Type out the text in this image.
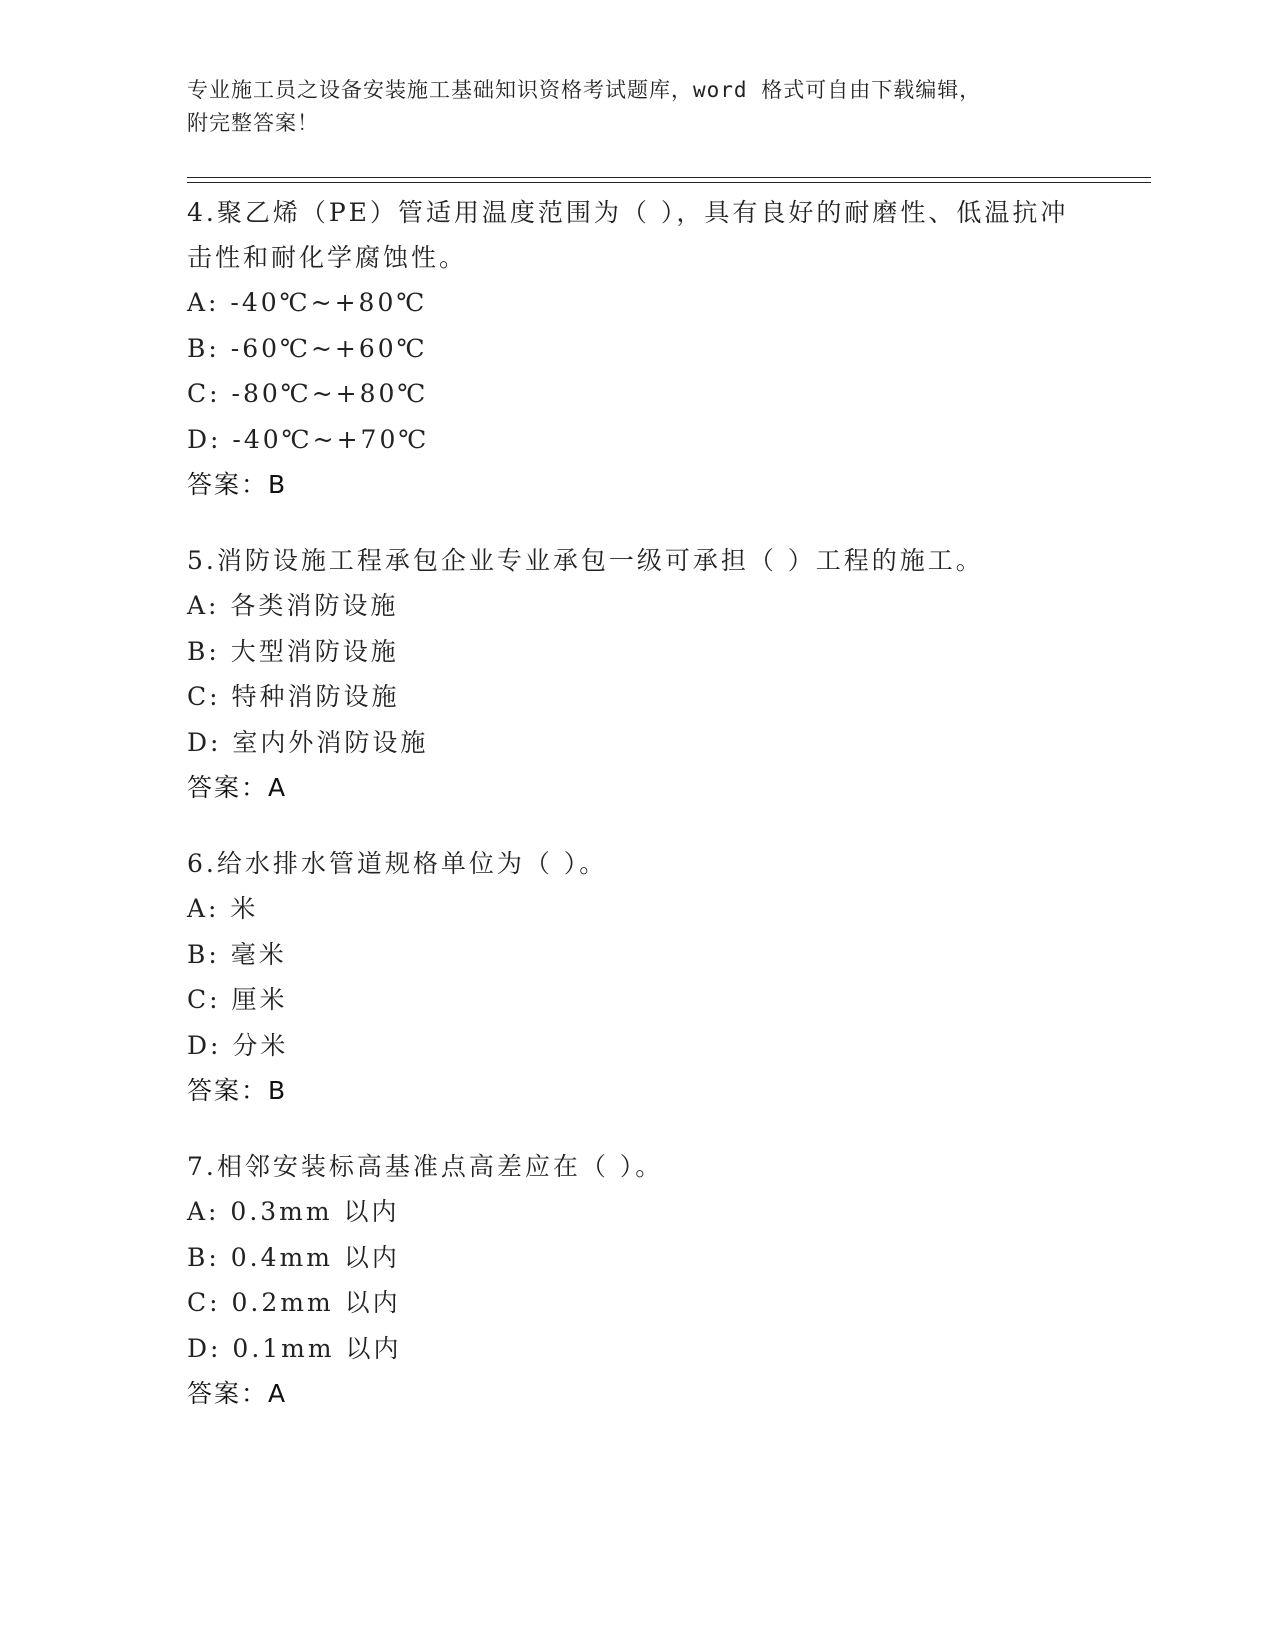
专业施工员之设备安装施工基础知识资格考试题库，word 格式可自由下载编辑，
附完整答案！

4.聚乙烯（PE）管适用温度范围为（ ），具有良好的耐磨性、低温抗冲击性和耐化学腐蚀性。

A: -40℃~+80℃

B: -60℃~+60℃

C: -80℃~+80℃

D: -40℃~+70℃

答案：B

5.消防设施工程承包企业专业承包一级可承担（ ）工程的施工。

A: 各类消防设施

B: 大型消防设施

C: 特种消防设施

D: 室内外消防设施

答案：A

6.给水排水管道规格单位为（ ）。

A: 米

B: 毫米

C: 厘米

D: 分米

答案：B

7.相邻安装标高基准点高差应在（ ）。

A: 0.3mm 以内

B: 0.4mm 以内

C: 0.2mm 以内

D: 0.1mm 以内

答案：A
